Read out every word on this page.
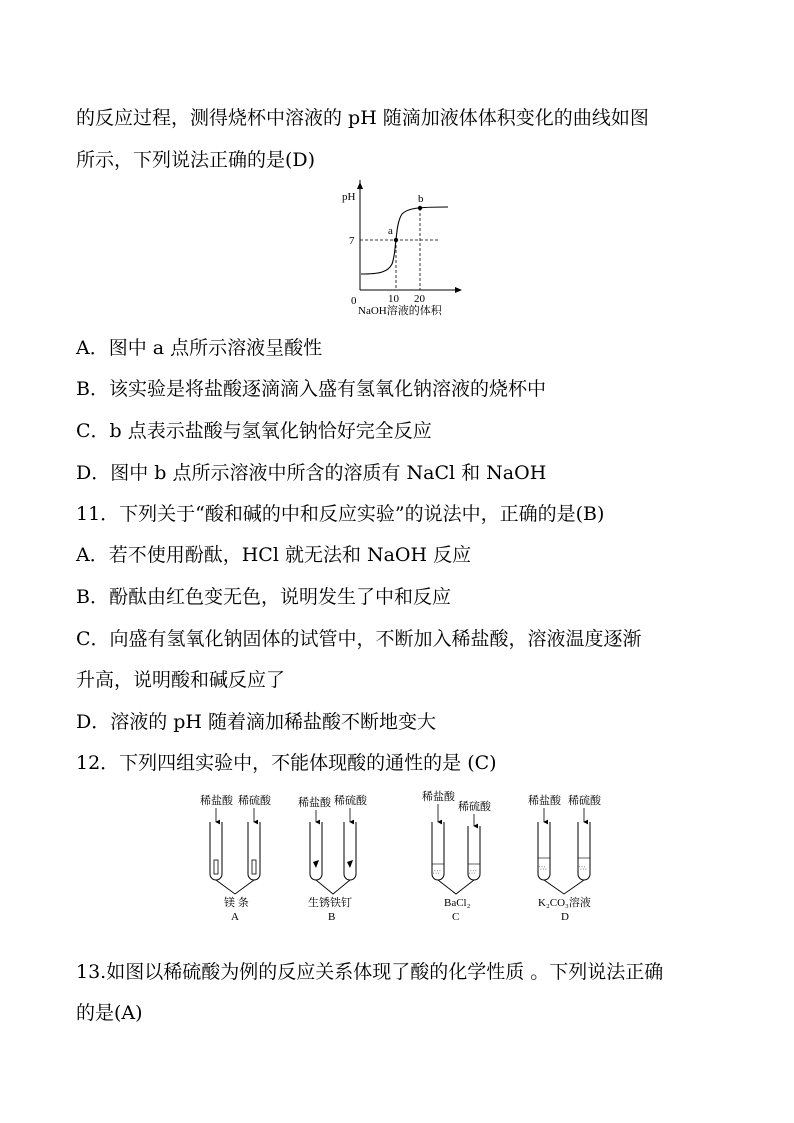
的反应过程，测得烧杯中溶液的 pH 随滴加液体体积变化的曲线如图
所示，下列说法正确的是(D)
pH
7
0	10 20
a
b
NaOH溶液的体积
A．图中 a 点所示溶液呈酸性
B．该实验是将盐酸逐滴滴入盛有氢氧化钠溶液的烧杯中
C．b 点表示盐酸与氢氧化钠恰好完全反应
D．图中 b 点所示溶液中所含的溶质有 NaCl 和 NaOH
11．下列关于“酸和碱的中和反应实验”的说法中，正确的是(B)
A．若不使用酚酞，HCl 就无法和 NaOH 反应
B．酚酞由红色变无色，说明发生了中和反应
C．向盛有氢氧化钠固体的试管中，不断加入稀盐酸，溶液温度逐渐
升高，说明酸和碱反应了
D．溶液的 pH 随着滴加稀盐酸不断地变大
12．下列四组实验中，不能体现酸的通性的是 (C)
稀盐酸 稀硫酸
镁 条
A
稀盐酸 稀硫酸
生锈铁钉
B
稀盐酸
稀硫酸
∴∵	∴∵
BaCl₂
C
稀盐酸 稀硫酸
∵∴	∵∴
K₂CO₃溶液
D
13.如图以稀硫酸为例的反应关系体现了酸的化学性质 。下列说法正确
的是(A)
